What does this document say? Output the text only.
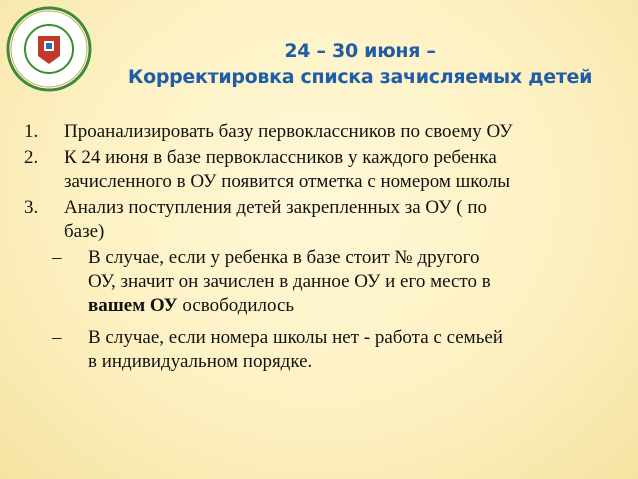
24 – 30 июня –
Корректировка списка зачисляемых детей
1. Проанализировать базу первоклассников по своему ОУ
2. К 24 июня в базе первоклассников у каждого ребенка
зачисленного в ОУ появится отметка с номером школы
3. Анализ поступления детей закрепленных за ОУ ( по
базе)
– В случае, если у ребенка в базе стоит № другого
ОУ, значит он зачислен в данное ОУ и его место в
вашем ОУ освободилось
– В случае, если номера школы нет - работа с семьей
в индивидуальном порядке.
